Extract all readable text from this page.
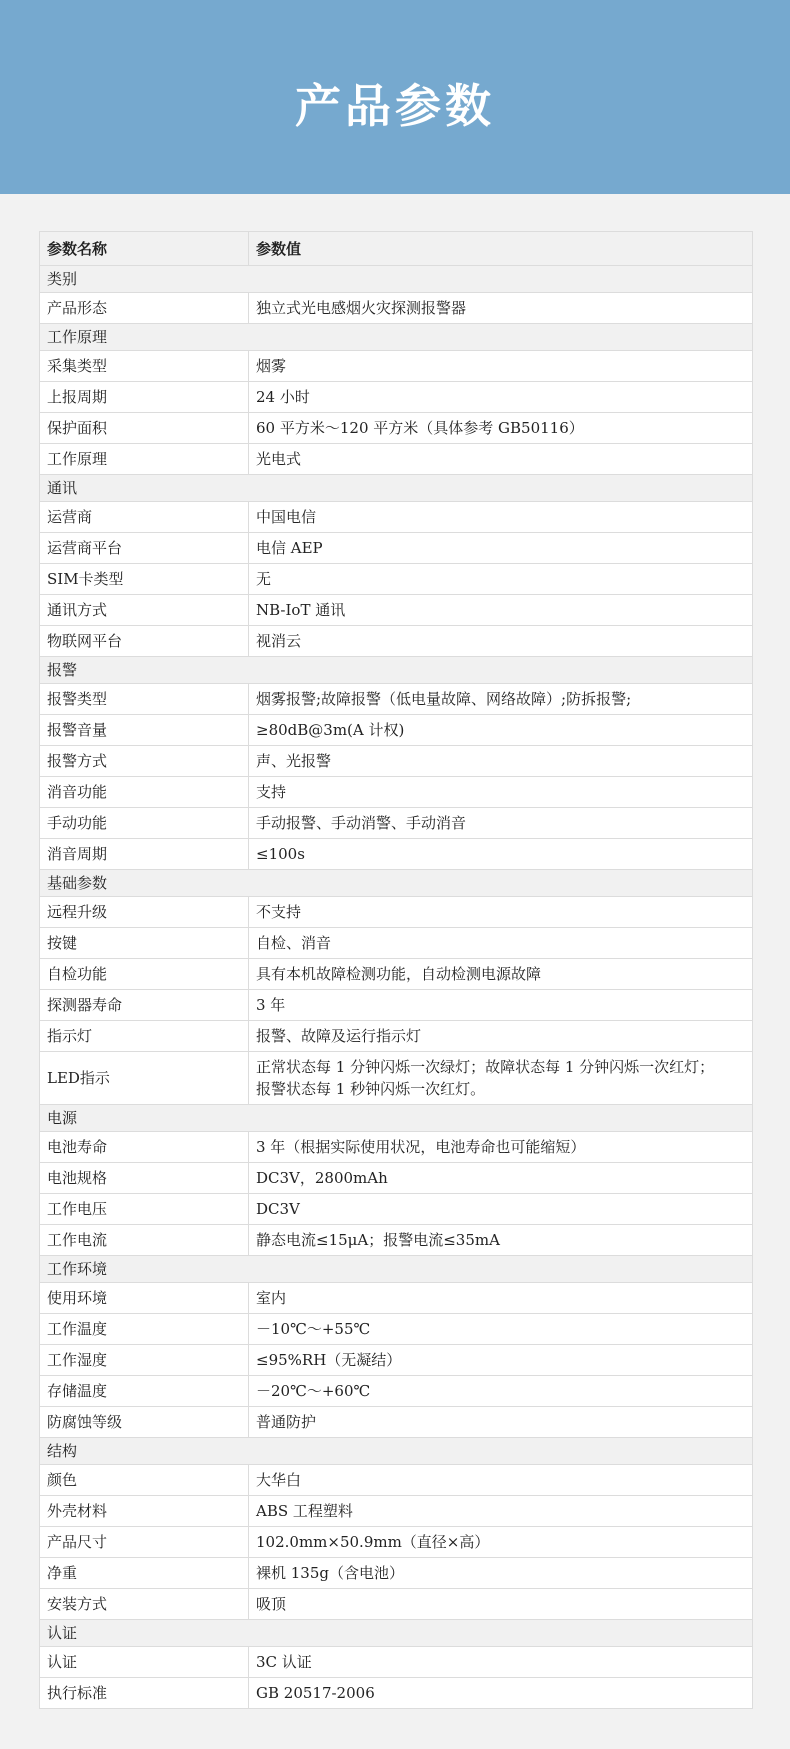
产品参数
参数名称	参数值
类别	
产品形态	独立式光电感烟火灾探测报警器
工作原理	
采集类型	烟雾
上报周期	24 小时
保护面积	60 平方米～120 平方米（具体参考 GB50116）
工作原理	光电式
通讯	
运营商	中国电信
运营商平台	电信 AEP
SIM卡类型	无
通讯方式	NB-IoT 通讯
物联网平台	视消云
报警	
报警类型	烟雾报警;故障报警（低电量故障、网络故障）;防拆报警;
报警音量	≥80dB@3m(A 计权)
报警方式	声、光报警
消音功能	支持
手动功能	手动报警、手动消警、手动消音
消音周期	≤100s
基础参数	
远程升级	不支持
按键	自检、消音
自检功能	具有本机故障检测功能，自动检测电源故障
探测器寿命	3 年
指示灯	报警、故障及运行指示灯
LED指示	正常状态每 1 分钟闪烁一次绿灯；故障状态每 1 分钟闪烁一次红灯；
报警状态每 1 秒钟闪烁一次红灯。

电源	
电池寿命	3 年（根据实际使用状况，电池寿命也可能缩短）
电池规格	DC3V，2800mAh
工作电压	DC3V
工作电流	静态电流≤15μA；报警电流≤35mA
工作环境	
使用环境	室内
工作温度	－10℃～+55℃
工作湿度	≤95%RH（无凝结）
存储温度	－20℃～+60℃
防腐蚀等级	普通防护
结构	
颜色	大华白
外壳材料	ABS 工程塑料
产品尺寸	102.0mm×50.9mm（直径×高）
净重	裸机 135g（含电池）
安装方式	吸顶
认证	
认证	3C 认证
执行标准	GB 20517-2006
